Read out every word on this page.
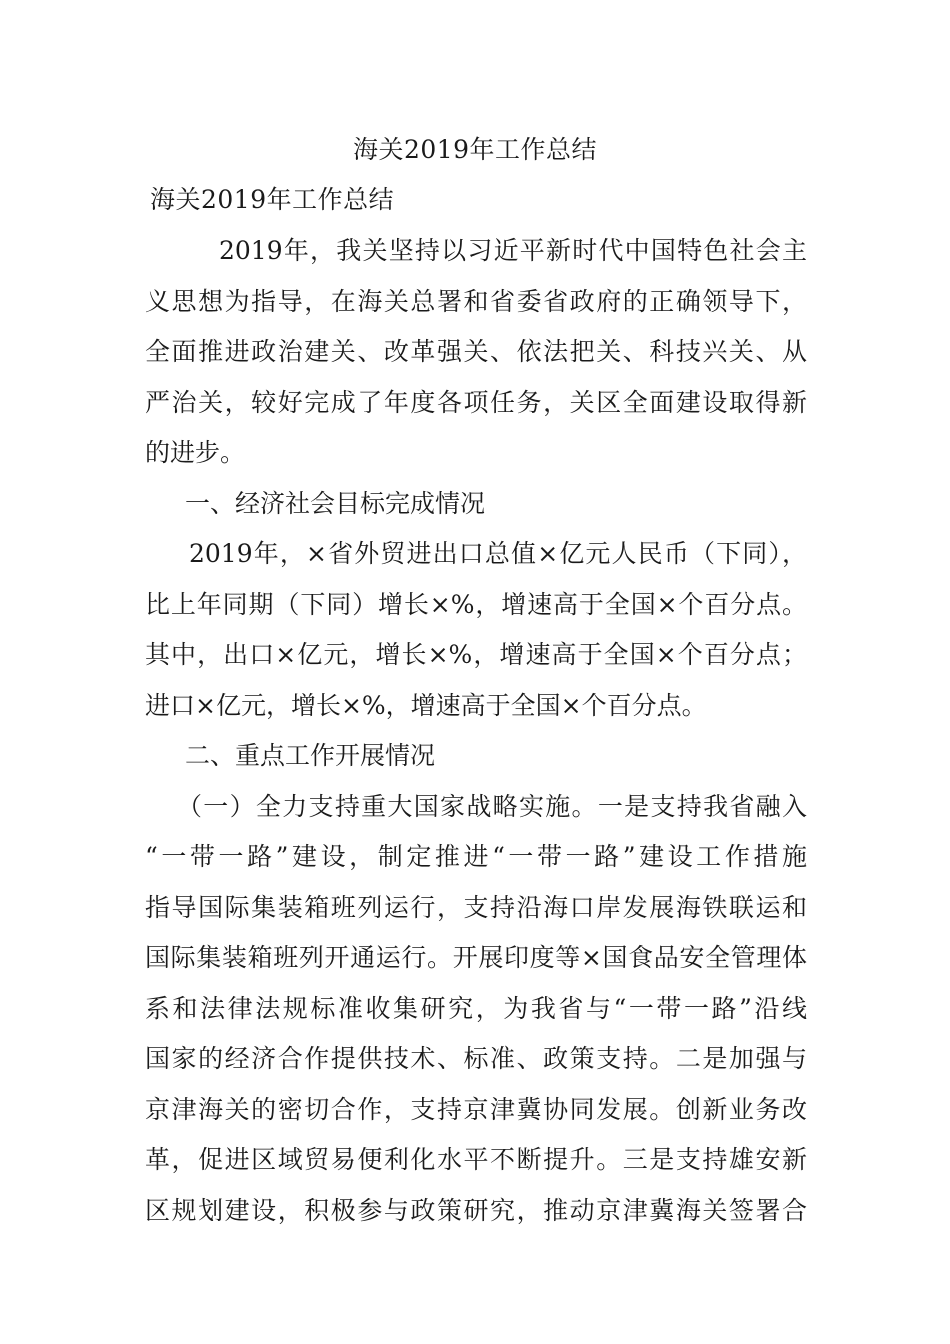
海关2019年工作总结
海关2019年工作总结
2019年，我关坚持以习近平新时代中国特色社会主
义思想为指导，在海关总署和省委省政府的正确领导下，
全面推进政治建关、改革强关、依法把关、科技兴关、从
严治关，较好完成了年度各项任务，关区全面建设取得新
的进步。
一、经济社会目标完成情况
2019年，×省外贸进出口总值×亿元人民币（下同），
比上年同期（下同）增长×%，增速高于全国×个百分点。
其中，出口×亿元，增长×%，增速高于全国×个百分点；
进口×亿元，增长×%，增速高于全国×个百分点。
二、重点工作开展情况
（一）全力支持重大国家战略实施。一是支持我省融入
“一带一路”建设，制定推进“一带一路”建设工作措施
指导国际集装箱班列运行，支持沿海口岸发展海铁联运和
国际集装箱班列开通运行。开展印度等×国食品安全管理体
系和法律法规标准收集研究，为我省与“一带一路”沿线
国家的经济合作提供技术、标准、政策支持。二是加强与
京津海关的密切合作，支持京津冀协同发展。创新业务改
革，促进区域贸易便利化水平不断提升。三是支持雄安新
区规划建设，积极参与政策研究，推动京津冀海关签署合
